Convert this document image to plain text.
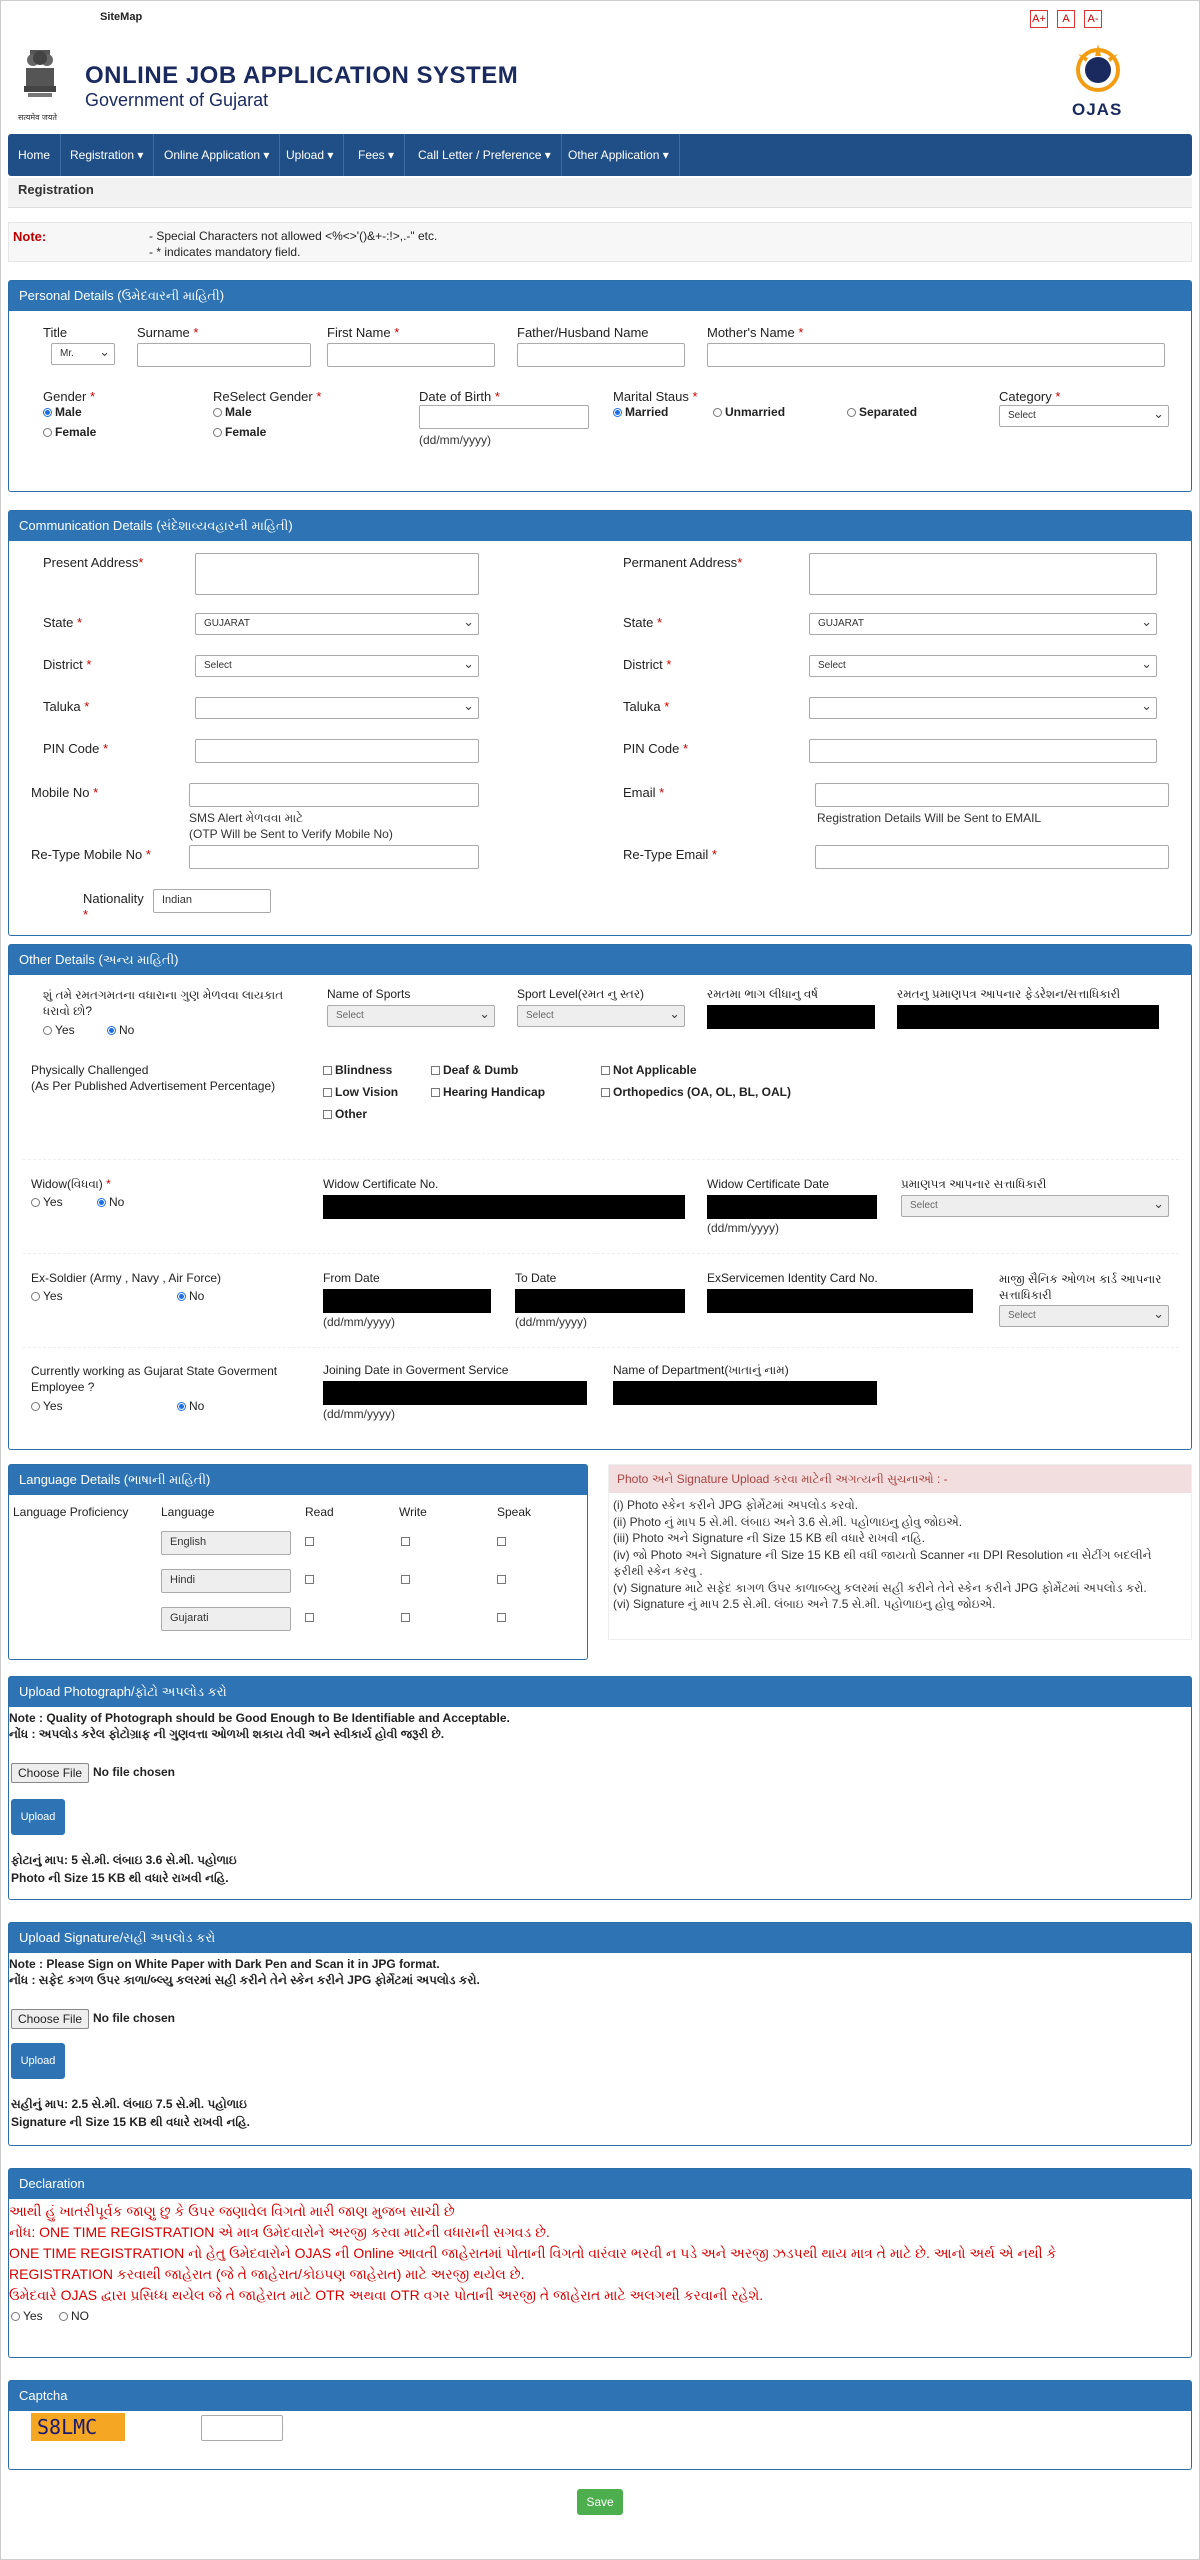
SiteMap	A+	A	A-
सत्यमेव जयते
ONLINE JOB APPLICATION SYSTEM
Government of Gujarat	OJAS
Home	Registration ▾	Online Application ▾	Upload ▾	Fees ▾	Call Letter / Preference ▾	Other Application ▾
Registration
Note:	- Special Characters not allowed <%<>'()&+-:!>,.-" etc.
- * indicates mandatory field.
Personal Details (ઉમેદવારની માહિતી)
Title
Mr. ⌄
Surname *	First Name *	Father/Husband Name	Mother's Name *
Gender *
Male
Female
ReSelect Gender *
Male
Female
Date of Birth *
(dd/mm/yyyy)
Marital Staus *
Married	Unmarried	Separated
Category *
Select ⌄
Communication Details (સંદેશાવ્યવહારની માહિતી)
Present Address*	Permanent Address*
State *	GUJARAT ⌄	State *	GUJARAT ⌄
District *	Select ⌄	District *	Select ⌄
Taluka *
⌄	Taluka *
⌄
PIN Code *	PIN Code *
Mobile No *
SMS Alert મેળવવા માટે
(OTP Will be Sent to Verify Mobile No)
Email *
Registration Details Will be Sent to EMAIL
Re-Type Mobile No *	Re-Type Email *
Nationality
*
Indian
Other Details (અન્ય માહિતી)
શું તમે રમતગમતના વધારાના ગુણ મેળવવા લાયકાત ધરાવો છો?
Yes	No
Name of Sports
Select ⌄
Sport Level(રમત નુ સ્તર)
Select ⌄
રમતમા ભાગ લીધાનુ વર્ષ	રમતનુ પ્રમાણપત્ર આપનાર ફેડરેશન/સત્તાધિકારી
Physically Challenged
(As Per Published Advertisement Percentage)
Blindness	Deaf & Dumb	Not Applicable
Low Vision	Hearing Handicap	Orthopedics (OA, OL, BL, OAL)
Other
Widow(વિધવા) *
Yes	No
Widow Certificate No.	Widow Certificate Date
(dd/mm/yyyy)
પ્રમાણપત્ર આપનાર સત્તાધિકારી
Select ⌄
Ex-Soldier (Army , Navy , Air Force)
Yes	No
From Date
(dd/mm/yyyy)
To Date
(dd/mm/yyyy)
ExServicemen Identity Card No.	માજી સૈનિક ઓળખ કાર્ડ આપનાર સત્તાધિકારી
Select ⌄
Currently working as Gujarat State Goverment Employee ?
Yes	No
Joining Date in Goverment Service
(dd/mm/yyyy)
Name of Department(ખાતાનું નામ)
Language Details (ભાષાની માહિતી)
Language Proficiency	Language	Read	Write	Speak
English
Hindi
Gujarati
Photo અને Signature Upload કરવા માટેની અગત્યની સુચનાઓ : -
(i) Photo સ્કેન કરીને JPG ફોર્મેટમાં અપલોડ કરવો.
(ii) Photo નું માપ 5 સે.મી. લંબાઇ અને 3.6 સે.મી. પહોળાઇનુ હોવુ જોઇએ.
(iii) Photo અને Signature ની Size 15 KB થી વધારે રાખવી નહિ.
(iv) જો Photo અને Signature ની Size 15 KB થી વધી જાયતો Scanner ના DPI Resolution ના સેટીંગ બદલીને
ફરીથી સ્કેન કરવુ .
(v) Signature માટે સફેદ કાગળ ઉપર કાળાબ્લ્યુ કલરમાં સહી કરીને તેને સ્કેન કરીને JPG ફોર્મેટમાં અપલોડ કરો.
(vi) Signature નું માપ 2.5 સે.મી. લંબાઇ અને 7.5 સે.મી. પહોળાઇનુ હોવુ જોઇએ.
Upload Photograph/ફોટો અપલોડ કરો
Note : Quality of Photograph should be Good Enough to Be Identifiable and Acceptable.
નોંધ : અપલોડ કરેલ ફોટોગ્રાફ ની ગુણવત્તા ઓળખી શકાય તેવી અને સ્વીકાર્ય હોવી જરૂરી છે.
Choose File No file chosen
Upload
ફોટાનું માપ: 5 સે.મી. લંબાઇ 3.6 સે.મી. પહોળાઇ
Photo ની Size 15 KB થી વધારે રાખવી નહિ.
Upload Signature/સહી અપલોડ કરો
Note : Please Sign on White Paper with Dark Pen and Scan it in JPG format.
નોંધ : સફેદ કગળ ઉપર કાળા/બ્લ્યુ કલરમાં સહી કરીને તેને સ્કેન કરીને JPG ફોર્મેટમાં અપલોડ કરો.
Choose File No file chosen
Upload
સહીનું માપ: 2.5 સે.મી. લંબાઇ 7.5 સે.મી. પહોળાઇ
Signature ની Size 15 KB થી વધારે રાખવી નહિ.
Declaration
આથી હું ખાતરીપૂર્વક જાણુ છુ કે ઉપર જણાવેલ વિગતો મારી જાણ મુજબ સાચી છે
નોંધ: ONE TIME REGISTRATION એ માત્ર ઉમેદવારોને અરજી કરવા માટેની વધારાની સગવડ છે.
ONE TIME REGISTRATION નો હેતુ ઉમેદવારોને OJAS ની Online આવતી જાહેરાતમાં પોતાની વિગતો વારંવાર ભરવી ન પડે અને અરજી ઝડપથી થાય માત્ર તે માટે છે. આનો અર્થ એ નથી કે
REGISTRATION કરવાથી જાહેરાત (જે તે જાહેરાત/કોઇપણ જાહેરાત) માટે અરજી થયેલ છે.
ઉમેદવારે OJAS દ્વારા પ્રસિધ્ધ થયેલ જે તે જાહેરાત માટે OTR અથવા OTR વગર પોતાની અરજી તે જાહેરાત માટે અલગથી કરવાની રહેશે.
Yes	NO
Captcha
S8LMC
Save
